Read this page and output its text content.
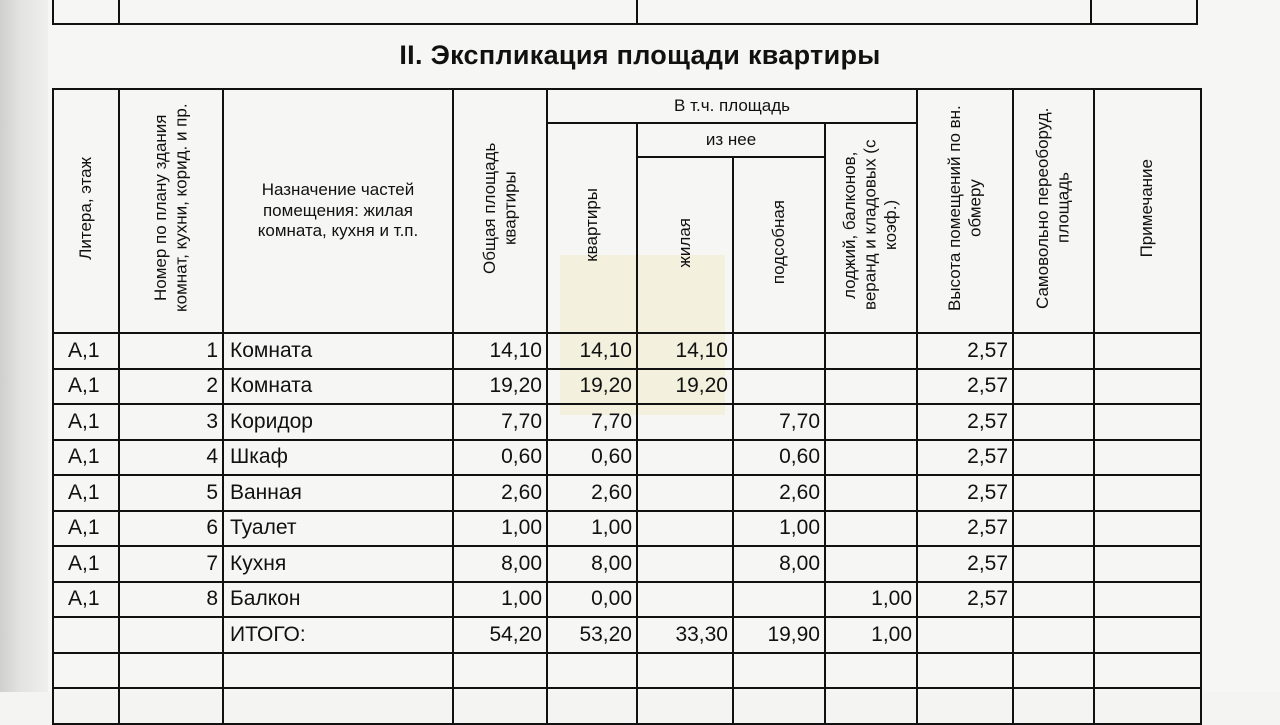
II. Экспликация площади квартиры
Литера, этаж	Номер по плану здания комнат, кухни, корид. и пр.	Назначение частей помещения: жилая комната, кухня и т.п.	Общая площадь квартиры	В т.ч. площадь				Высота помещений по вн. обмеру	Самовольно переоборуд. площадь	Примечание
				квартиры	из нее		лоджий, балконов, веранд и кладовых (с коэф.)			
					жилая	подсобная				
А,1	1	Комната	14,10	14,10	14,10			2,57		
А,1	2	Комната	19,20	19,20	19,20			2,57		
А,1	3	Коридор	7,70	7,70		7,70		2,57		
А,1	4	Шкаф	0,60	0,60		0,60		2,57		
А,1	5	Ванная	2,60	2,60		2,60		2,57		
А,1	6	Туалет	1,00	1,00		1,00		2,57		
А,1	7	Кухня	8,00	8,00		8,00		2,57		
А,1	8	Балкон	1,00	0,00			1,00	2,57		
		ИТОГО:	54,20	53,20	33,30	19,90	1,00			
